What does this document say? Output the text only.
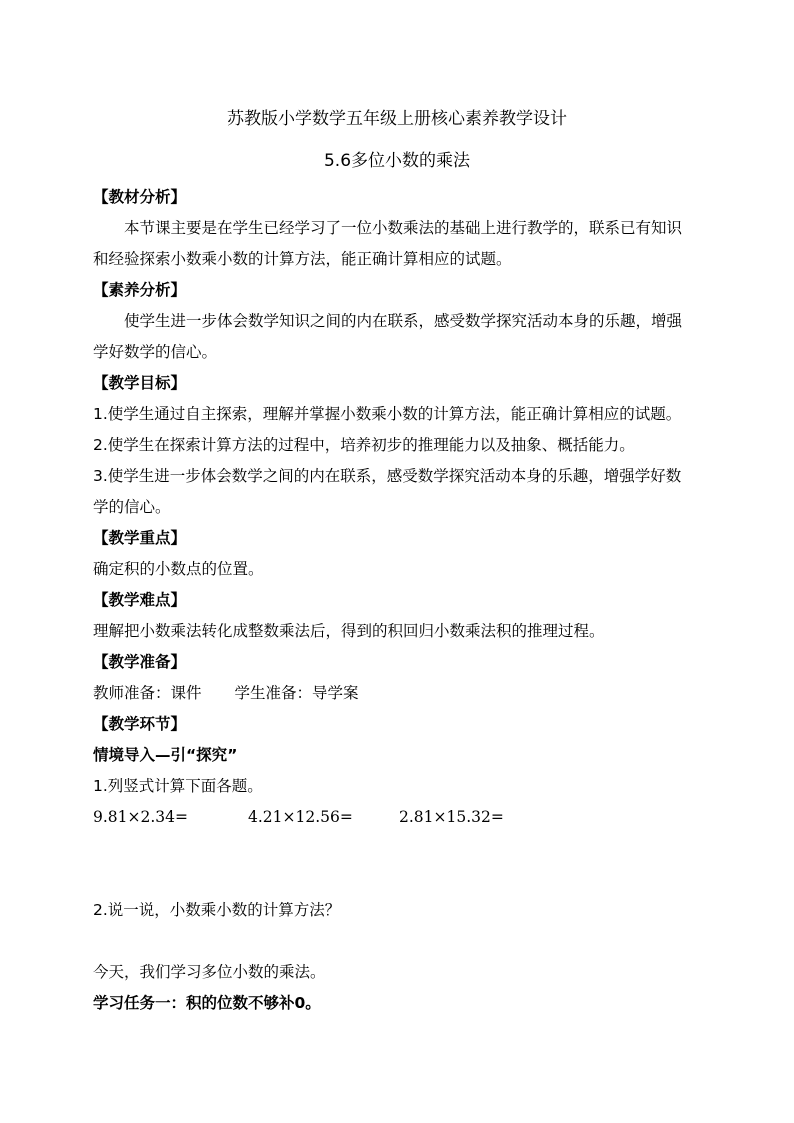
苏教版小学数学五年级上册核心素养教学设计
5.6多位小数的乘法
【教材分析】
本节课主要是在学生已经学习了一位小数乘法的基础上进行教学的，联系已有知识
和经验探索小数乘小数的计算方法，能正确计算相应的试题。
【素养分析】
使学生进一步体会数学知识之间的内在联系，感受数学探究活动本身的乐趣，增强
学好数学的信心。
【教学目标】
1.使学生通过自主探索，理解并掌握小数乘小数的计算方法，能正确计算相应的试题。
2.使学生在探索计算方法的过程中，培养初步的推理能力以及抽象、概括能力。
3.使学生进一步体会数学之间的内在联系，感受数学探究活动本身的乐趣，增强学好数
学的信心。
【教学重点】
确定积的小数点的位置。
【教学难点】
理解把小数乘法转化成整数乘法后，得到的积回归小数乘法积的推理过程。
【教学准备】
教师准备：课件 学生准备：导学案
【教学环节】
情境导入—引“探究”
1.列竖式计算下面各题。
9.81×2.34=	4.21×12.56=	2.81×15.32=
2.说一说，小数乘小数的计算方法？
今天，我们学习多位小数的乘法。
学习任务一：积的位数不够补0。
